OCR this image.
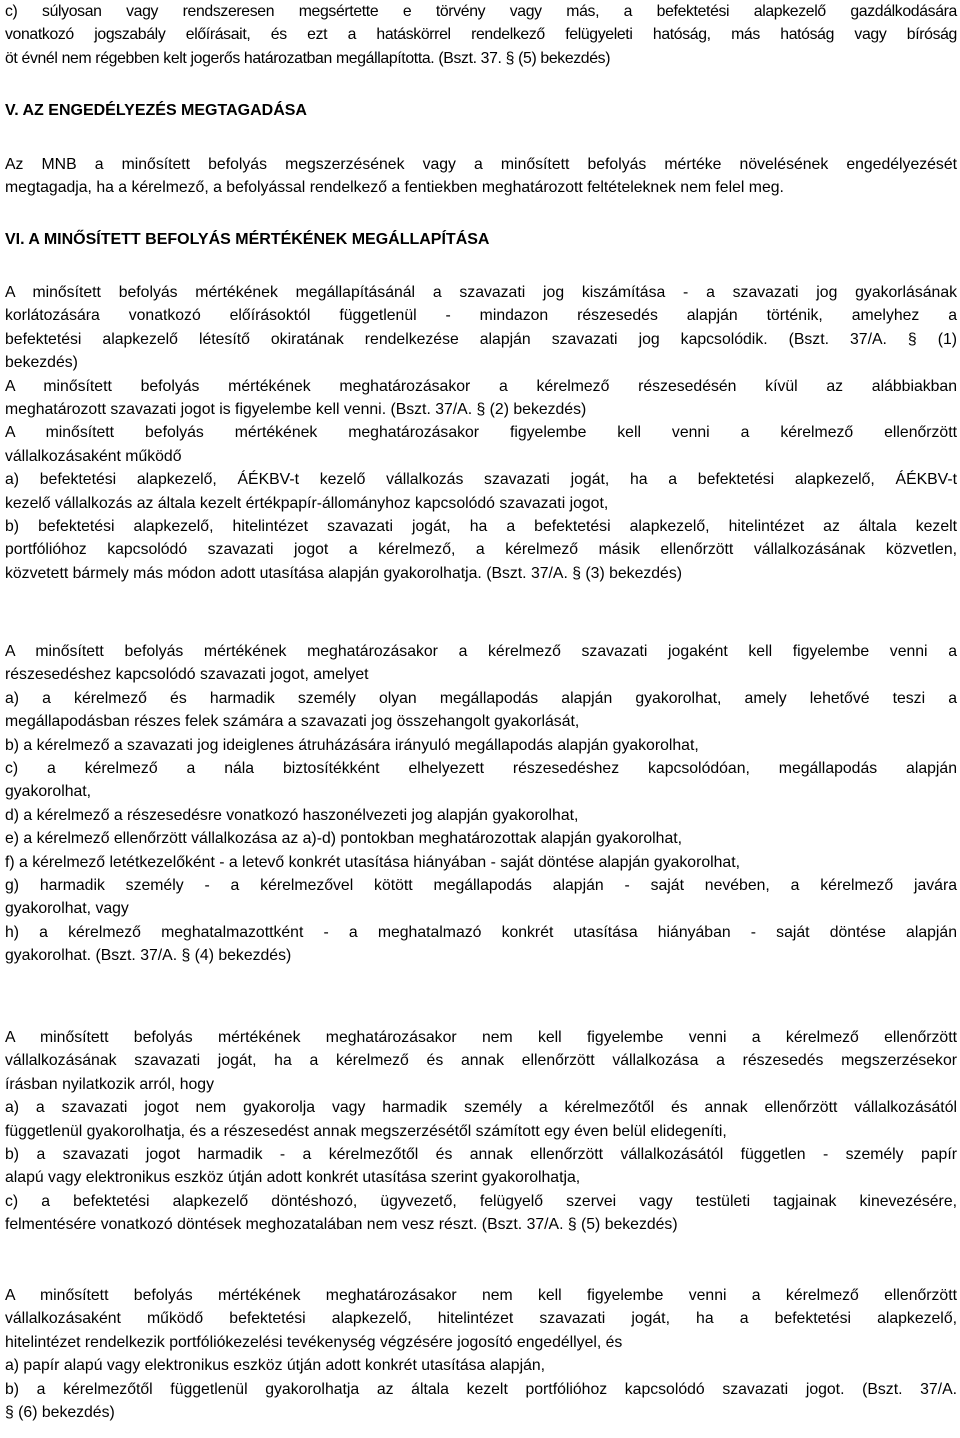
c) súlyosan vagy rendszeresen megsértette e törvény vagy más, a befektetési alapkezelő gazdálkodására
vonatkozó jogszabály előírásait, és ezt a hatáskörrel rendelkező felügyeleti hatóság, más hatóság vagy bíróság
öt évnél nem régebben kelt jogerős határozatban megállapította. (Bszt. 37. § (5) bekezdés)
V. AZ ENGEDÉLYEZÉS MEGTAGADÁSA
Az MNB a minősített befolyás megszerzésének vagy a minősített befolyás mértéke növelésének engedélyezését
megtagadja, ha a kérelmező, a befolyással rendelkező a fentiekben meghatározott feltételeknek nem felel meg.
VI. A MINŐSÍTETT BEFOLYÁS MÉRTÉKÉNEK MEGÁLLAPÍTÁSA
A minősített befolyás mértékének megállapításánál a szavazati jog kiszámítása - a szavazati jog gyakorlásának
korlátozására vonatkozó előírásoktól függetlenül - mindazon részesedés alapján történik, amelyhez a
befektetési alapkezelő létesítő okiratának rendelkezése alapján szavazati jog kapcsolódik. (Bszt. 37/A. § (1)
bekezdés)
A minősített befolyás mértékének meghatározásakor a kérelmező részesedésén kívül az alábbiakban
meghatározott szavazati jogot is figyelembe kell venni. (Bszt. 37/A. § (2) bekezdés)
A minősített befolyás mértékének meghatározásakor figyelembe kell venni a kérelmező ellenőrzött
vállalkozásaként működő
a) befektetési alapkezelő, ÁÉKBV-t kezelő vállalkozás szavazati jogát, ha a befektetési alapkezelő, ÁÉKBV-t
kezelő vállalkozás az általa kezelt értékpapír-állományhoz kapcsolódó szavazati jogot,
b) befektetési alapkezelő, hitelintézet szavazati jogát, ha a befektetési alapkezelő, hitelintézet az általa kezelt
portfólióhoz kapcsolódó szavazati jogot a kérelmező, a kérelmező másik ellenőrzött vállalkozásának közvetlen,
közvetett bármely más módon adott utasítása alapján gyakorolhatja. (Bszt. 37/A. § (3) bekezdés)
A minősített befolyás mértékének meghatározásakor a kérelmező szavazati jogaként kell figyelembe venni a
részesedéshez kapcsolódó szavazati jogot, amelyet
a) a kérelmező és harmadik személy olyan megállapodás alapján gyakorolhat, amely lehetővé teszi a
megállapodásban részes felek számára a szavazati jog összehangolt gyakorlását,
b) a kérelmező a szavazati jog ideiglenes átruházására irányuló megállapodás alapján gyakorolhat,
c) a kérelmező a nála biztosítékként elhelyezett részesedéshez kapcsolódóan, megállapodás alapján
gyakorolhat,
d) a kérelmező a részesedésre vonatkozó haszonélvezeti jog alapján gyakorolhat,
e) a kérelmező ellenőrzött vállalkozása az a)-d) pontokban meghatározottak alapján gyakorolhat,
f) a kérelmező letétkezelőként - a letevő konkrét utasítása hiányában - saját döntése alapján gyakorolhat,
g) harmadik személy - a kérelmezővel kötött megállapodás alapján - saját nevében, a kérelmező javára
gyakorolhat, vagy
h) a kérelmező meghatalmazottként - a meghatalmazó konkrét utasítása hiányában - saját döntése alapján
gyakorolhat. (Bszt. 37/A. § (4) bekezdés)
A minősített befolyás mértékének meghatározásakor nem kell figyelembe venni a kérelmező ellenőrzött
vállalkozásának szavazati jogát, ha a kérelmező és annak ellenőrzött vállalkozása a részesedés megszerzésekor
írásban nyilatkozik arról, hogy
a) a szavazati jogot nem gyakorolja vagy harmadik személy a kérelmezőtől és annak ellenőrzött vállalkozásától
függetlenül gyakorolhatja, és a részesedést annak megszerzésétől számított egy éven belül elidegeníti,
b) a szavazati jogot harmadik - a kérelmezőtől és annak ellenőrzött vállalkozásától független - személy papír
alapú vagy elektronikus eszköz útján adott konkrét utasítása szerint gyakorolhatja,
c) a befektetési alapkezelő döntéshozó, ügyvezető, felügyelő szervei vagy testületi tagjainak kinevezésére,
felmentésére vonatkozó döntések meghozatalában nem vesz részt. (Bszt. 37/A. § (5) bekezdés)
A minősített befolyás mértékének meghatározásakor nem kell figyelembe venni a kérelmező ellenőrzött
vállalkozásaként működő befektetési alapkezelő, hitelintézet szavazati jogát, ha a befektetési alapkezelő,
hitelintézet rendelkezik portfóliókezelési tevékenység végzésére jogosító engedéllyel, és
a) papír alapú vagy elektronikus eszköz útján adott konkrét utasítása alapján,
b) a kérelmezőtől függetlenül gyakorolhatja az általa kezelt portfólióhoz kapcsolódó szavazati jogot. (Bszt. 37/A.
§ (6) bekezdés)
